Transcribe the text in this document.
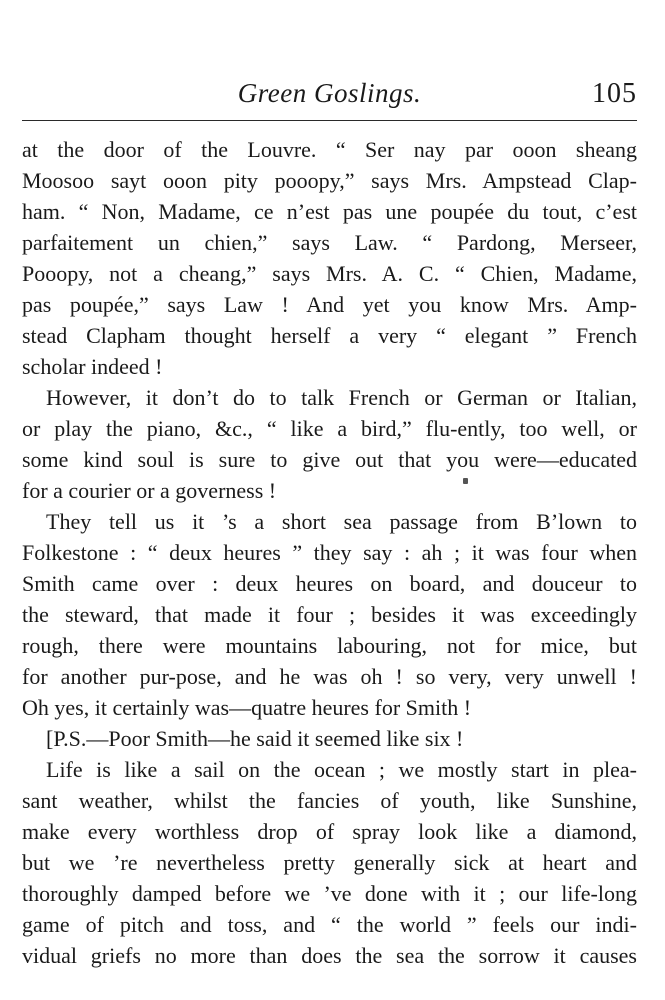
Green Goslings.	105
at the door of the Louvre. “ Ser nay par ooon sheang
Moosoo sayt ooon pity pooopy,” says Mrs. Ampstead Clap-
ham. “ Non, Madame, ce n’est pas une poupée du tout, c’est
parfaitement un chien,” says Law. “ Pardong, Merseer,
Pooopy, not a cheang,” says Mrs. A. C. “ Chien, Madame,
pas poupée,” says Law ! And yet you know Mrs. Amp-
stead Clapham thought herself a very “ elegant ” French
scholar indeed !
However, it don’t do to talk French or German or Italian,
or play the piano, &c., “ like a bird,” flu-ently, too well, or
some kind soul is sure to give out that you were—educated
for a courier or a governess !
They tell us it ’s a short sea passage from B’lown to
Folkestone : “ deux heures ” they say : ah ; it was four when
Smith came over : deux heures on board, and douceur to
the steward, that made it four ; besides it was exceedingly
rough, there were mountains labouring, not for mice, but
for another pur-pose, and he was oh ! so very, very unwell !
Oh yes, it certainly was—quatre heures for Smith !
[P.S.—Poor Smith—he said it seemed like six !
Life is like a sail on the ocean ; we mostly start in plea-
sant weather, whilst the fancies of youth, like Sunshine,
make every worthless drop of spray look like a diamond,
but we ’re nevertheless pretty generally sick at heart and
thoroughly damped before we ’ve done with it ; our life-long
game of pitch and toss, and “ the world ” feels our indi-
vidual griefs no more than does the sea the sorrow it causes
